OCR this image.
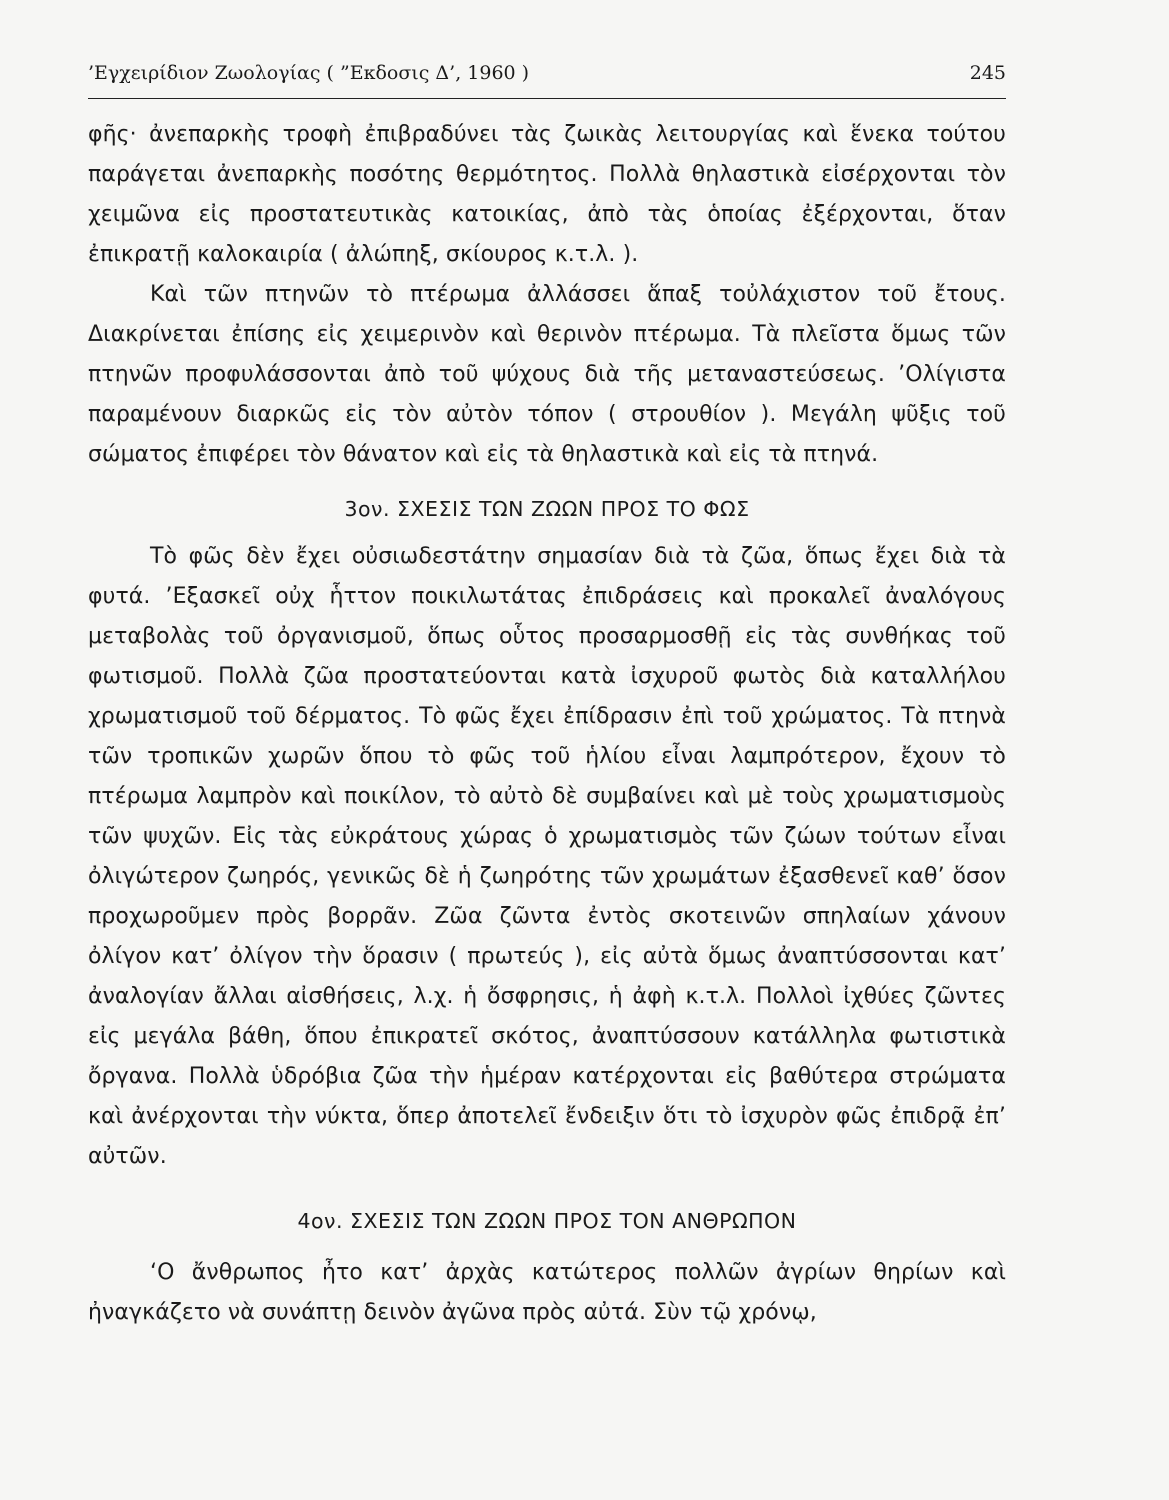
’Εγχειρίδιον Ζωολογίας ( ”Εκδοσις Δ’, 1960 )	245

φῆς· ἀνεπαρκὴς τροφὴ ἐπιβραδύνει τὰς ζωικὰς λειτουργίας καὶ ἕνεκα τούτου παράγεται ἀνεπαρκὴς ποσότης θερμότητος. Πολλὰ θηλαστικὰ εἰσέρχονται τὸν χειμῶνα εἰς προστατευτικὰς κατοικίας, ἀπὸ τὰς ὁποίας ἐξέρχονται, ὅταν ἐπικρατῇ καλοκαιρία ( ἀλώπηξ, σκίουρος κ.τ.λ. ).

Καὶ τῶν πτηνῶν τὸ πτέρωμα ἀλλάσσει ἅπαξ τοὐλάχιστον τοῦ ἔτους. Διακρίνεται ἐπίσης εἰς χειμερινὸν καὶ θερινὸν πτέρωμα. Τὰ πλεῖστα ὅμως τῶν πτηνῶν προφυλάσσονται ἀπὸ τοῦ ψύχους διὰ τῆς μεταναστεύσεως. ’Ολίγιστα παραμένουν διαρκῶς εἰς τὸν αὐτὸν τόπον ( στρουθίον ). Μεγάλη ψῦξις τοῦ σώματος ἐπιφέρει τὸν θάνατον καὶ εἰς τὰ θηλαστικὰ καὶ εἰς τὰ πτηνά.

3ον. ΣΧΕΣΙΣ ΤΩΝ ΖΩΩΝ ΠΡΟΣ ΤΟ ΦΩΣ

Τὸ φῶς δὲν ἔχει οὐσιωδεστάτην σημασίαν διὰ τὰ ζῶα, ὅπως ἔχει διὰ τὰ φυτά. ’Εξασκεῖ οὐχ ἧττον ποικιλωτάτας ἐπιδράσεις καὶ προκαλεῖ ἀναλόγους μεταβολὰς τοῦ ὀργανισμοῦ, ὅπως οὗτος προσαρμοσθῇ εἰς τὰς συνθήκας τοῦ φωτισμοῦ. Πολλὰ ζῶα προστατεύονται κατὰ ἰσχυροῦ φωτὸς διὰ καταλλήλου χρωματισμοῦ τοῦ δέρματος. Τὸ φῶς ἔχει ἐπίδρασιν ἐπὶ τοῦ χρώματος. Τὰ πτηνὰ τῶν τροπικῶν χωρῶν ὅπου τὸ φῶς τοῦ ἡλίου εἶναι λαμπρότερον, ἔχουν τὸ πτέρωμα λαμπρὸν καὶ ποικίλον, τὸ αὐτὸ δὲ συμβαίνει καὶ μὲ τοὺς χρωματισμοὺς τῶν ψυχῶν. Εἰς τὰς εὐκράτους χώρας ὁ χρωματισμὸς τῶν ζώων τούτων εἶναι ὀλιγώτερον ζωηρός, γενικῶς δὲ ἡ ζωηρότης τῶν χρωμάτων ἐξασθενεῖ καθ’ ὅσον προχωροῦμεν πρὸς βορρᾶν. Ζῶα ζῶντα ἐντὸς σκοτεινῶν σπηλαίων χάνουν ὀλίγον κατ’ ὀλίγον τὴν ὅρασιν ( πρωτεύς ), εἰς αὐτὰ ὅμως ἀναπτύσσονται κατ’ ἀναλογίαν ἄλλαι αἰσθήσεις, λ.χ. ἡ ὄσφρησις, ἡ ἀφὴ κ.τ.λ. Πολλοὶ ἰχθύες ζῶντες εἰς μεγάλα βάθη, ὅπου ἐπικρατεῖ σκότος, ἀναπτύσσουν κατάλληλα φωτιστικὰ ὄργανα. Πολλὰ ὑδρόβια ζῶα τὴν ἡμέραν κατέρχονται εἰς βαθύτερα στρώματα καὶ ἀνέρχονται τὴν νύκτα, ὅπερ ἀποτελεῖ ἔνδειξιν ὅτι τὸ ἰσχυρὸν φῶς ἐπιδρᾷ ἐπ’ αὐτῶν.

4ον. ΣΧΕΣΙΣ ΤΩΝ ΖΩΩΝ ΠΡΟΣ ΤΟΝ ΑΝΘΡΩΠΟΝ

‘Ο ἄνθρωπος ἦτο κατ’ ἀρχὰς κατώτερος πολλῶν ἀγρίων θηρίων καὶ ἠναγκάζετο νὰ συνάπτῃ δεινὸν ἀγῶνα πρὸς αὐτά. Σὺν τῷ χρόνῳ,
